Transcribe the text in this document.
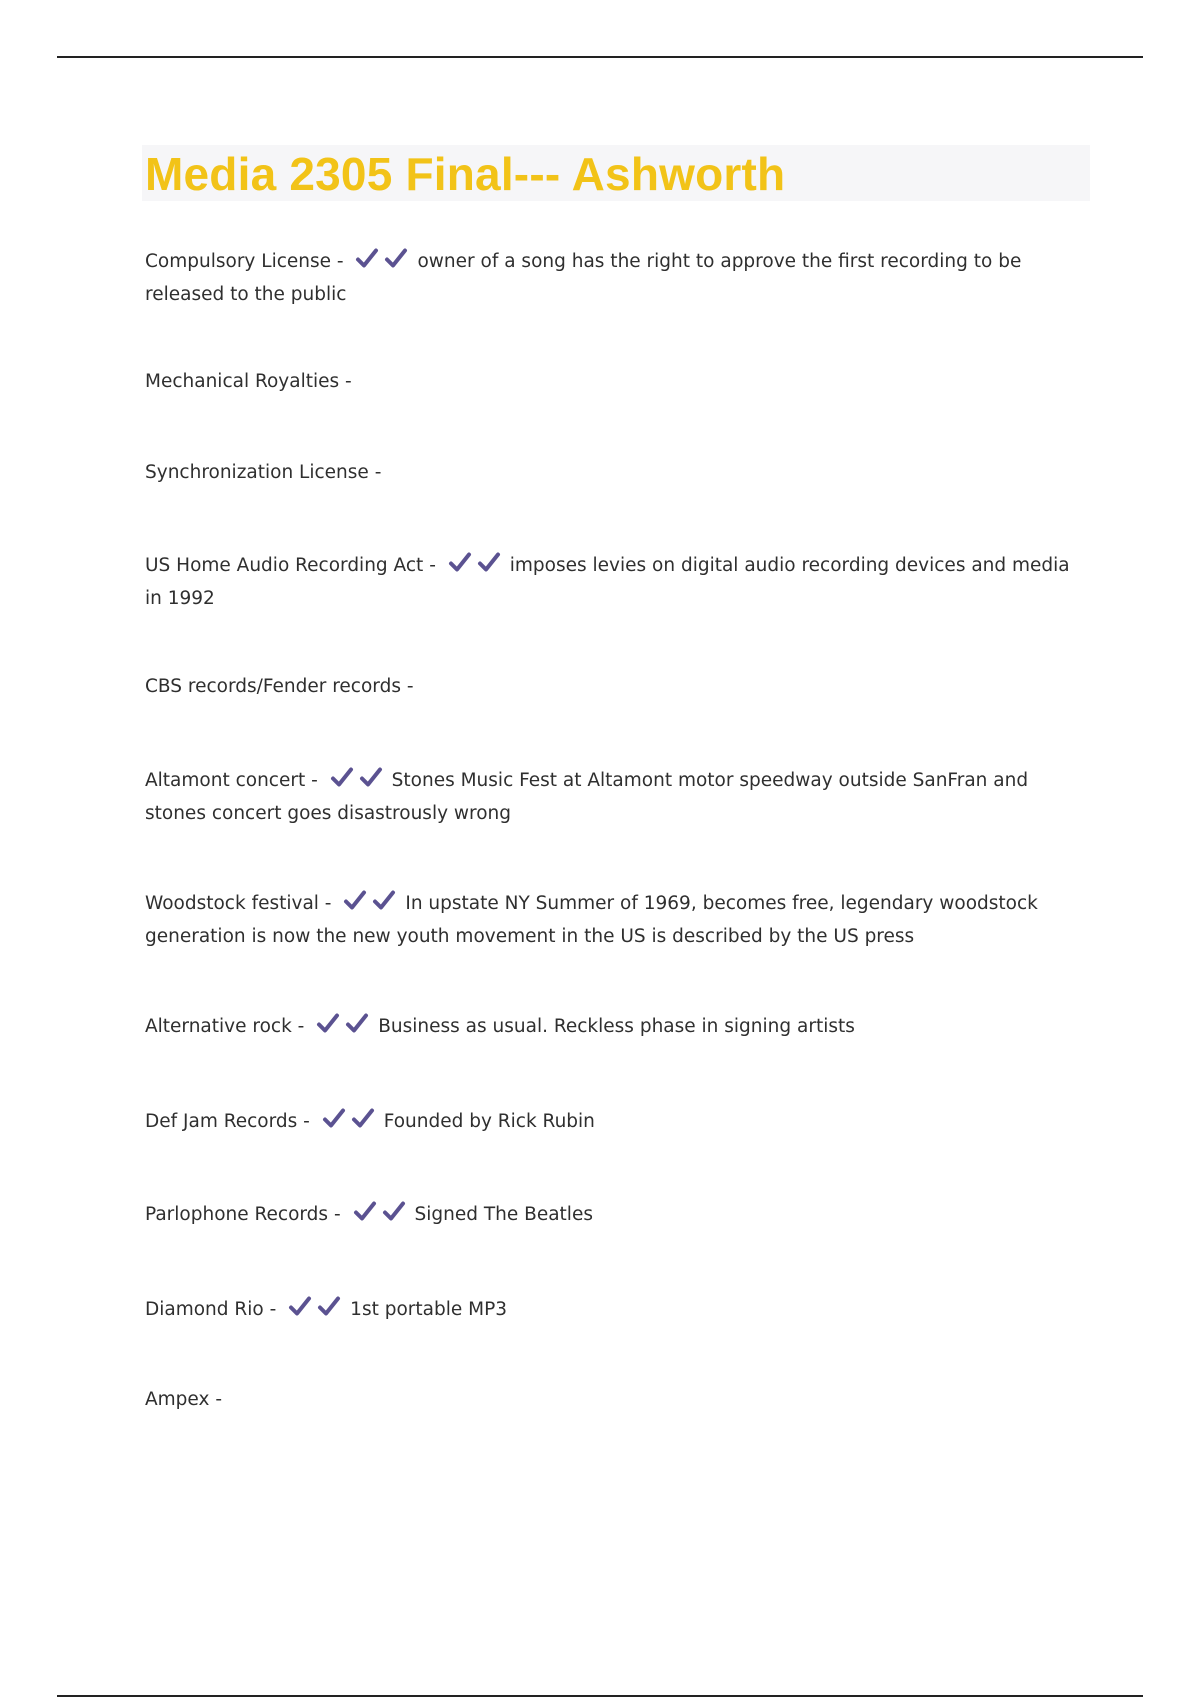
Media 2305 Final--- Ashworth
Compulsory License -	owner of a song has the right to approve the first recording to be released to the public
Mechanical Royalties -
Synchronization License -
US Home Audio Recording Act -	imposes levies on digital audio recording devices and media in 1992
CBS records/Fender records -
Altamont concert -	Stones Music Fest at Altamont motor speedway outside SanFran and stones concert goes disastrously wrong
Woodstock festival -	In upstate NY Summer of 1969, becomes free, legendary woodstock generation is now the new youth movement in the US is described by the US press
Alternative rock -	Business as usual. Reckless phase in signing artists
Def Jam Records -	Founded by Rick Rubin
Parlophone Records -	Signed The Beatles
Diamond Rio -	1st portable MP3
Ampex -
